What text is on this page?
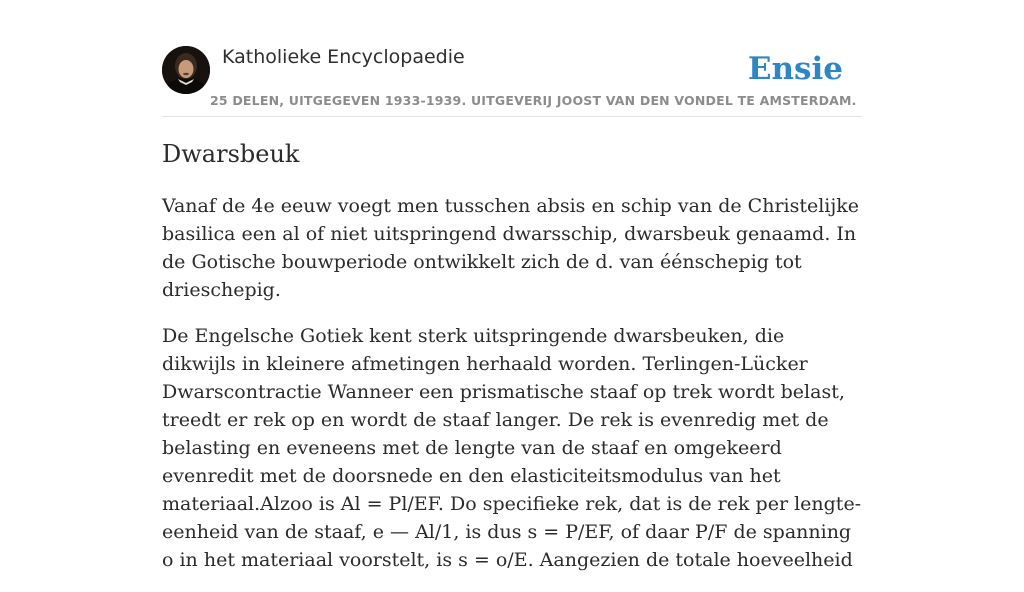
Katholieke Encyclopaedie
25 DELEN, UITGEGEVEN 1933-1939. UITGEVERIJ JOOST VAN DEN VONDEL TE AMSTERDAM.
Ensie
Dwarsbeuk

Vanaf de 4e eeuw voegt men tusschen absis en schip van de Christelijke basilica een al of niet uitspringend dwarsschip, dwarsbeuk genaamd. In de Gotische bouwperiode ontwikkelt zich de d. van éénschepig tot drieschepig.

De Engelsche Gotiek kent sterk uitspringende dwarsbeuken, die dikwijls in kleinere afmetingen herhaald worden. Terlingen-Lücker Dwarscontractie Wanneer een prismatische staaf op trek wordt belast, treedt er rek op en wordt de staaf langer. De rek is evenredig met de belasting en eveneens met de lengte van de staaf en omgekeerd evenredit met de doorsnede en den elasticiteitsmodulus van het materiaal.Alzoo is Al = Pl/EF. Do specifieke rek, dat is de rek per lengte-eenheid van de staaf, e — Al/1, is dus s = P/EF, of daar P/F de spanning o in het materiaal voorstelt, is s = o/E. Aangezien de totale hoeveelheid
